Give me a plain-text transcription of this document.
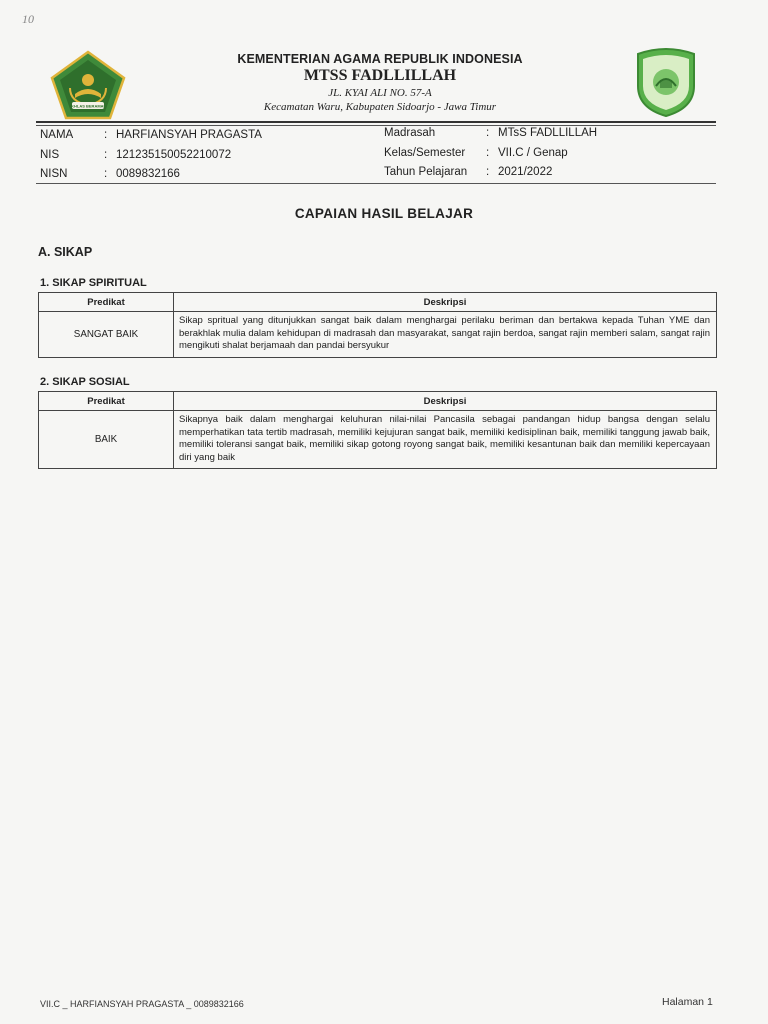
10
IKHLAS BERAMAL
KEMENTERIAN AGAMA REPUBLIK INDONESIA
MTSS FADLLILLAH
JL. KYAI ALI NO. 57-A
Kecamatan Waru, Kabupaten Sidoarjo - Jawa Timur
NAMA	: HARFIANSYAH PRAGASTA
NIS	: 121235150052210072
NISN	: 0089832166
Madrasah	: MTsS FADLLILLAH
Kelas/Semester : VII.C / Genap
Tahun Pelajaran : 2021/2022
CAPAIAN HASIL BELAJAR
A. SIKAP
1. SIKAP SPIRITUAL
Predikat	Deskripsi
SANGAT BAIK	Sikap spritual yang ditunjukkan sangat baik dalam menghargai perilaku beriman dan bertakwa kepada Tuhan YME dan berakhlak mulia dalam kehidupan di madrasah dan masyarakat, sangat rajin berdoa, sangat rajin memberi salam, sangat rajin mengikuti shalat berjamaah dan pandai bersyukur
2. SIKAP SOSIAL
Predikat	Deskripsi
BAIK	Sikapnya baik dalam menghargai keluhuran nilai-nilai Pancasila sebagai pandangan hidup bangsa dengan selalu memperhatikan tata tertib madrasah, memiliki kejujuran sangat baik, memiliki kedisiplinan baik, memiliki tanggung jawab baik, memiliki toleransi sangat baik, memiliki sikap gotong royong sangat baik, memiliki kesantunan baik dan memiliki kepercayaan diri yang baik
VII.C _ HARFIANSYAH PRAGASTA _ 0089832166	Halaman 1
